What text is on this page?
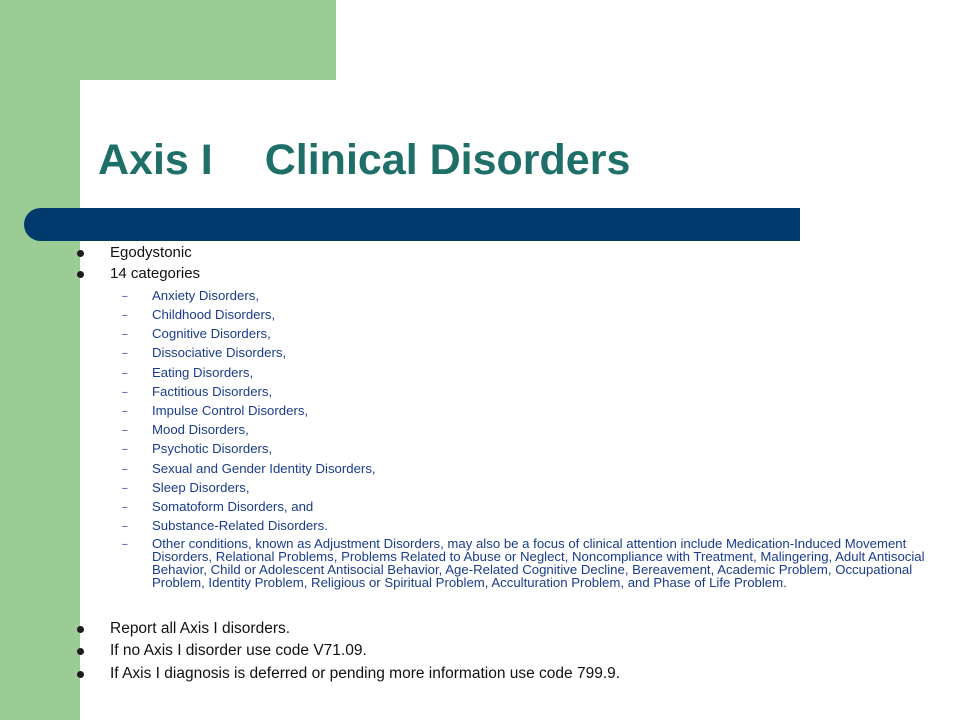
Axis I Clinical Disorders
Egodystonic
14 categories
– Anxiety Disorders,
– Childhood Disorders,
– Cognitive Disorders,
– Dissociative Disorders,
– Eating Disorders,
– Factitious Disorders,
– Impulse Control Disorders,
– Mood Disorders,
– Psychotic Disorders,
– Sexual and Gender Identity Disorders,
– Sleep Disorders,
– Somatoform Disorders, and
– Substance-Related Disorders.
– Other conditions, known as Adjustment Disorders, may also be a focus of clinical attention include Medication-Induced Movement Disorders, Relational Problems, Problems Related to Abuse or Neglect, Noncompliance with Treatment, Malingering, Adult Antisocial Behavior, Child or Adolescent Antisocial Behavior, Age-Related Cognitive Decline, Bereavement, Academic Problem, Occupational Problem, Identity Problem, Religious or Spiritual Problem, Acculturation Problem, and Phase of Life Problem.
Report all Axis I disorders.
If no Axis I disorder use code V71.09.
If Axis I diagnosis is deferred or pending more information use code 799.9.
